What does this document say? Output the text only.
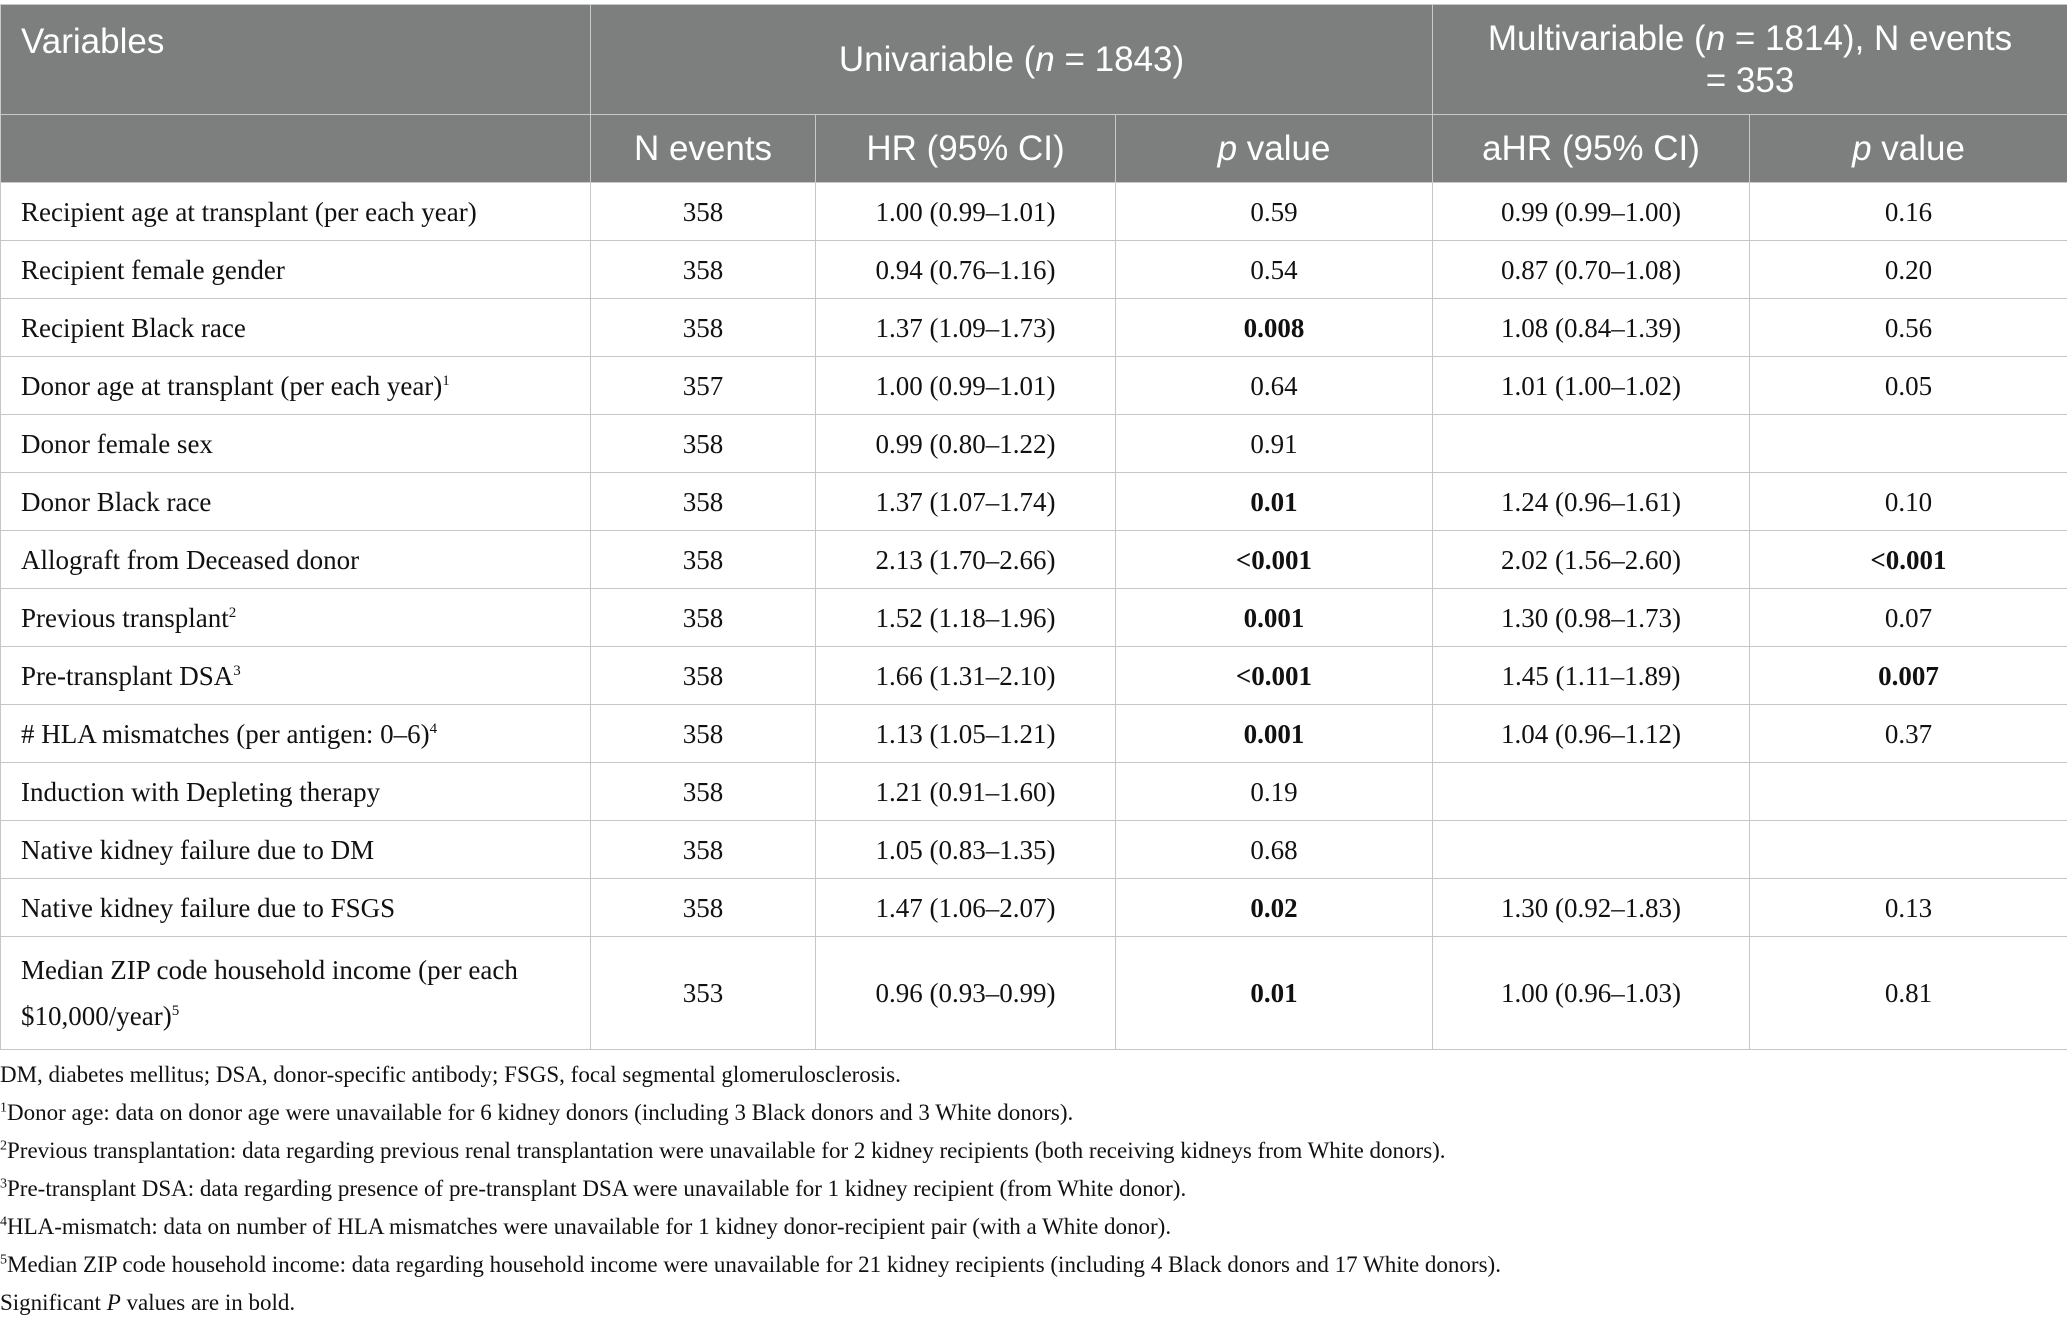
Variables	Univariable (n = 1843)			Multivariable (n = 1814), N events = 353	
	N events	HR (95% CI)	p value	aHR (95% CI)	p value
Recipient age at transplant (per each year)	358	1.00 (0.99–1.01)	0.59	0.99 (0.99–1.00)	0.16
Recipient female gender	358	0.94 (0.76–1.16)	0.54	0.87 (0.70–1.08)	0.20
Recipient Black race	358	1.37 (1.09–1.73)	0.008	1.08 (0.84–1.39)	0.56
Donor age at transplant (per each year)$^1$	357	1.00 (0.99–1.01)	0.64	1.01 (1.00–1.02)	0.05
Donor female sex	358	0.99 (0.80–1.22)	0.91		
Donor Black race	358	1.37 (1.07–1.74)	0.01	1.24 (0.96–1.61)	0.10
Allograft from Deceased donor	358	2.13 (1.70–2.66)	<0.001	2.02 (1.56–2.60)	<0.001
Previous transplant$^2$	358	1.52 (1.18–1.96)	0.001	1.30 (0.98–1.73)	0.07
Pre-transplant DSA$^3$	358	1.66 (1.31–2.10)	<0.001	1.45 (1.11–1.89)	0.007
# HLA mismatches (per antigen: 0–6)$^4$	358	1.13 (1.05–1.21)	0.001	1.04 (0.96–1.12)	0.37
Induction with Depleting therapy	358	1.21 (0.91–1.60)	0.19		
Native kidney failure due to DM	358	1.05 (0.83–1.35)	0.68		
Native kidney failure due to FSGS	358	1.47 (1.06–2.07)	0.02	1.30 (0.92–1.83)	0.13
Median ZIP code household income (per each $10,000/year)$^5$	353	0.96 (0.93–0.99)	0.01	1.00 (0.96–1.03)	0.81
DM, diabetes mellitus; DSA, donor-specific antibody; FSGS, focal segmental glomerulosclerosis.
$^1$Donor age: data on donor age were unavailable for 6 kidney donors (including 3 Black donors and 3 White donors).
$^2$Previous transplantation: data regarding previous renal transplantation were unavailable for 2 kidney recipients (both receiving kidneys from White donors).
$^3$Pre-transplant DSA: data regarding presence of pre-transplant DSA were unavailable for 1 kidney recipient (from White donor).
$^4$HLA-mismatch: data on number of HLA mismatches were unavailable for 1 kidney donor-recipient pair (with a White donor).
$^5$Median ZIP code household income: data regarding household income were unavailable for 21 kidney recipients (including 4 Black donors and 17 White donors).
Significant P values are in bold.
